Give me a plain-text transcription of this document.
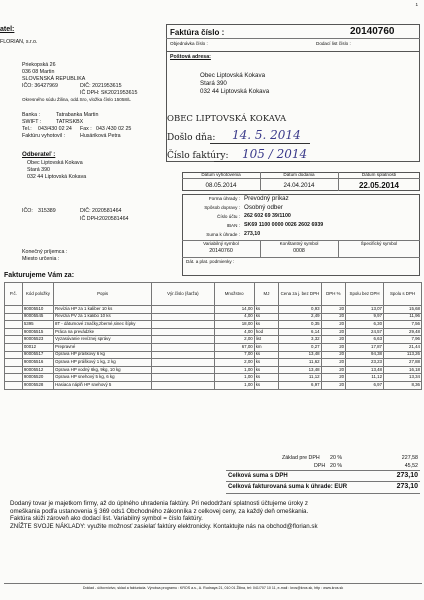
1
atel:
FLORIAN, s.r.o.
Priekopská 26
036 08 Martin
SLOVENSKÁ REPUBLIKA
IČO: 36427969	DIČ: 2021953615
IČ DPH: SK2021953615
Okresného súdu Žilina, odd.Sro, vložka číslo 15058/L
Banka :	Tatrabanka Martin
SWIFT :	TATRSKBX
Tel.: 043/430 02 24 Fax : 043 /430 02 25
Faktúru vyhotovil :	Husáriková Petra
Odberateľ :
Obec Liptovská Kokava
Stará 390
032 44 Liptovská Kokava
IČO: 315389	DIČ: 2020581464
IČ DPH: 2020581464
Konečný príjemca :
Miesto určenia :
Faktúra číslo :	20140760
Objednávka číslo :	Dodací list číslo :
Poštová adresa:
Obec Liptovská Kokava
Stará 390
032 44 Liptovská Kokava
OBEC LIPTOVSKÁ KOKAVA
Došlo dňa: 14. 5. 2014
Číslo faktúry: 105 / 2014
Dátum vyhotovenia	Dátum dodania	Dátum splatnosti
08.05.2014	24.04.2014	22.05.2014
Forma úhrady : Prevodný príkaz
Spôsob dopravy : Osobný odber
Číslo účtu : 262 602 69 39/1100
IBAN : SK69 1100 0000 0026 2602 6939
Suma k úhrade : 273,10
Variabilný symbol	Konštantný symbol	Špecifický symbol
20140760	0008
Dát. a plat. podmienky :
Fakturujeme Vám za:
P.č.	Kód položky	Popis	Výr.číslo (šarža)	Množstvo	MJ	Cena za j. bez DPH	DPH %	Spolu bez DPH	Spolu s DPH
	90005510	Revízia HP za 1 kaliber 10 ks		14,00	ks	0,93	20	13,07	15,68
	90005545	Revízia PV za 1 kalibo 10 ks		4,00	ks	2,49	20	9,97	11,96
	5395	8T - dátumové značky,zberné,sinec šípky		18,00	ks	0,35	20	6,30	7,56
	90005515	Práca na prevádzke		4,00	hod	6,14	20	24,57	29,48
	90005523	Vyzasúvanie revíznej správy		2,00	list	3,32	20	6,63	7,96
	00012	Prepravné		67,00	km	0,27	20	17,87	21,44
	90005517	Oprava HP práškový 6 kg		7,00	ks	13,48	20	94,38	113,26
	90005516	Oprava HP práškový 1 kg, 2 kg		2,00	ks	11,62	20	23,23	27,88
	90005512	Oprava HP vodný 6kg, 9kg, 10 kg		1,00	ks	13,48	20	13,48	16,18
	90005520	Oprava HP snehový 5 kg, 6 kg		1,00	ks	11,12	20	11,12	13,34
	90005528	Hasiaca náplň HP snehový 5		1,00	ks	6,97	20	6,97	8,36
Základ pre DPH 20 %	227,58
DPH 20 %	45,52
Celková suma s DPH	273,10
Celková fakturovaná suma k úhrade: EUR	273,10
Dodaný tovar je majetkom firmy, až do úplného uhradenia faktúry. Pri nedodržaní splatnosti účtujeme úroky z
omeškania podľa ustanovenia § 369 ods1 Obchodného zákonníka z celkovej ceny, za každý deň omeškania.
Faktúra slúži zároveň ako dodací list. Variabilný symbol = číslo faktúry.
ZNÍŽTE SVOJE NÁKLADY: využite možnosť zasielať faktúry elektronicky. Kontaktujte nás na obchod@florian.sk
Doklad - účtovníctvo, sklad a fakturácia. Výrobca programu : KROS a.s., A. Rudnaya 21, 010 01 Žilina, tel: 041/707 10 11, e-mail : kros@kros.sk, http : www.kros.sk
